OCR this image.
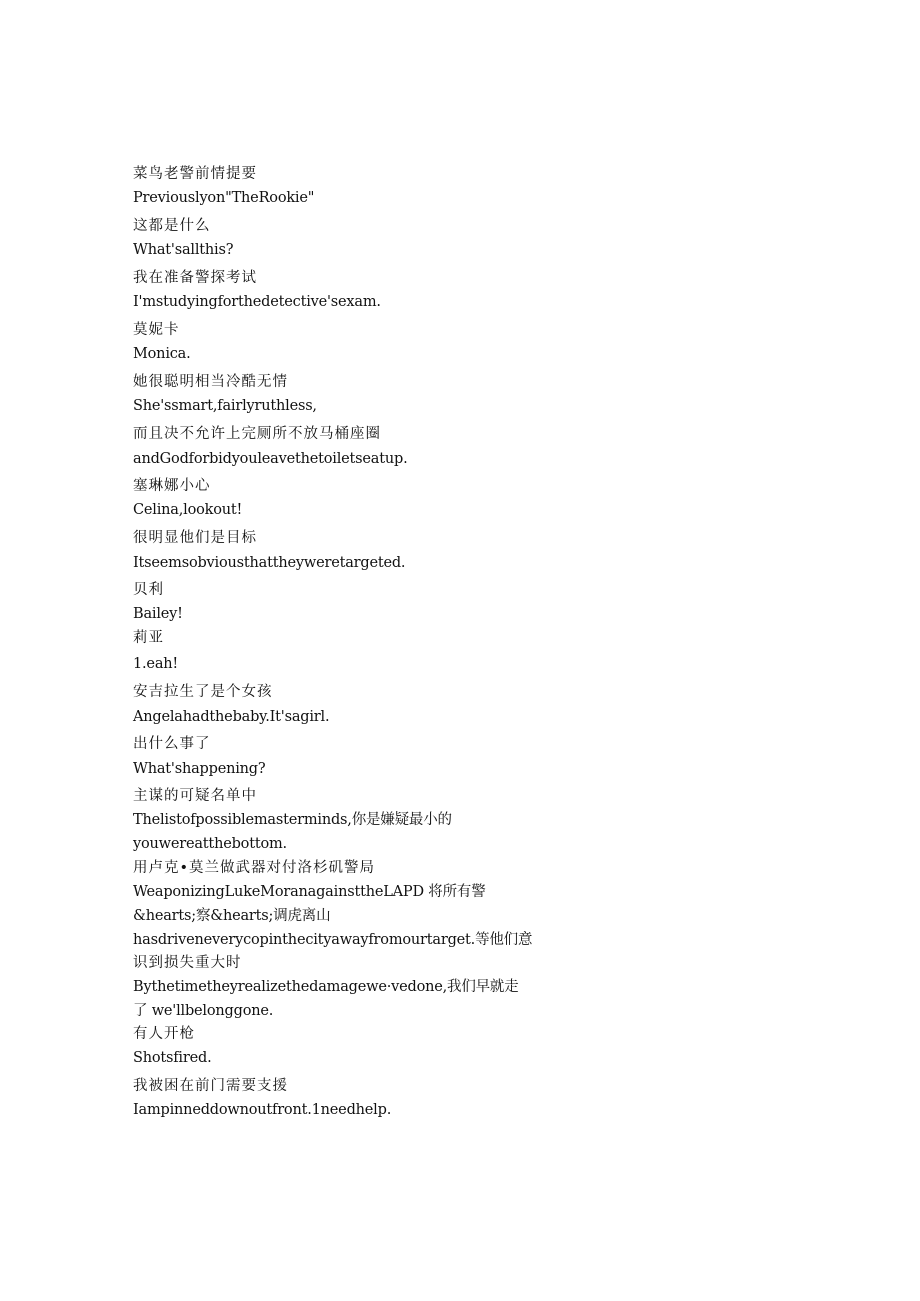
菜鸟老警前情提要
Previouslyon"TheRookie"
这都是什么
What'sallthis?
我在准备警探考试
I'mstudyingforthedetective'sexam.
莫妮卡
Monica.
她很聪明相当冷酷无情
She'ssmart,fairlyruthless,
而且决不允许上完厕所不放马桶座圈
andGodforbidyouleavethetoiletseatup.
塞琳娜小心
Celina,lookout!
很明显他们是目标
Itseemsobviousthattheyweretargeted.
贝利
Bailey!
莉亚
1.eah!
安吉拉生了是个女孩
Angelahadthebaby.It'sagirl.
出什么事了
What'shappening?
主谋的可疑名单中
Thelistofpossiblemasterminds,你是嫌疑最小的
youwereatthebottom.
用卢克•莫兰做武器对付洛杉矶警局
WeaponizingLukeMoranagainsttheLAPD 将所有警
&hearts;察&hearts;调虎离山
hasdriveneverycopinthecityawayfromourtarget.等他们意
识到损失重大时
Bythetimetheyrealizethedamagewe·vedone,我们早就走
了 we'llbelonggone.
有人开枪
Shotsfired.
我被困在前门需要支援
Iampinneddownoutfront.1needhelp.
